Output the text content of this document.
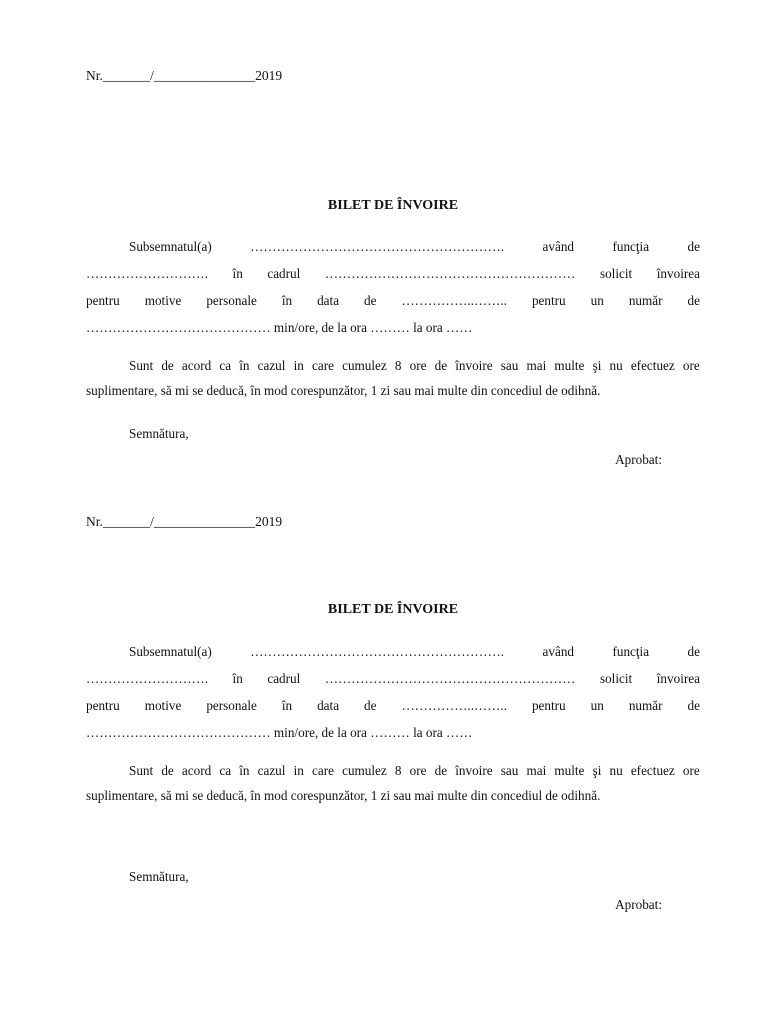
Nr._______/_______________2019
BILET DE ÎNVOIRE
Subsemnatul(a)	………………………………………………….	având	funcţia	de
………………………. în cadrul ………………………………………………… solicit învoirea
pentru motive personale în data de ……………..…….. pentru un număr de
…………………………………… min/ore, de la ora ……… la ora ……
Sunt de acord ca în cazul in care cumulez 8 ore de învoire sau mai multe şi nu efectuez ore
suplimentare, să mi se deducă, în mod corespunzător, 1 zi sau mai multe din concediul de odihnă.
Semnătura,
Aprobat:
Nr._______/_______________2019
BILET DE ÎNVOIRE
Subsemnatul(a)	………………………………………………….	având	funcţia	de
………………………. în cadrul ………………………………………………… solicit învoirea
pentru motive personale în data de ……………..…….. pentru un număr de
…………………………………… min/ore, de la ora ……… la ora ……
Sunt de acord ca în cazul in care cumulez 8 ore de învoire sau mai multe şi nu efectuez ore
suplimentare, să mi se deducă, în mod corespunzător, 1 zi sau mai multe din concediul de odihnă.
Semnătura,
Aprobat:
